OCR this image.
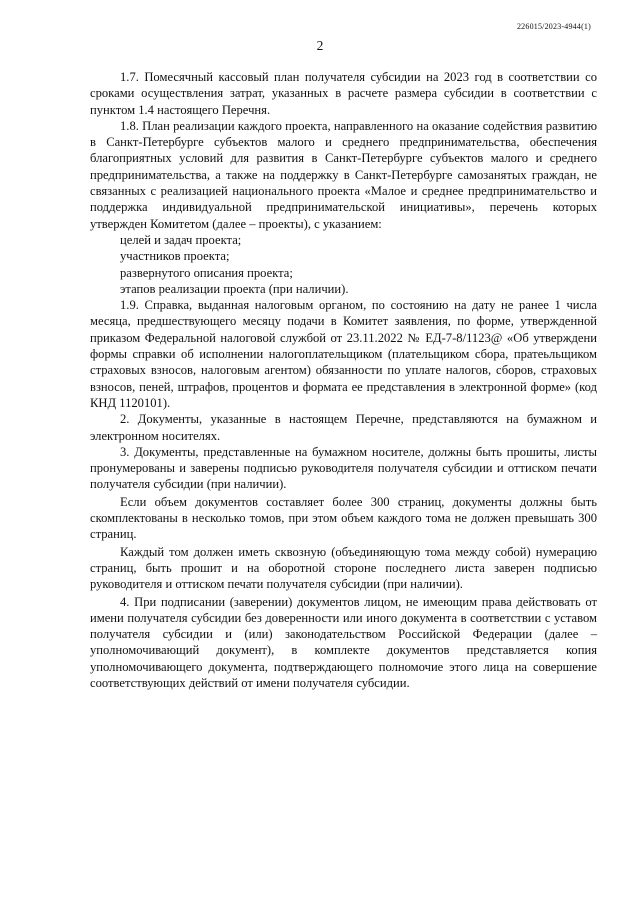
226015/2023-4944(1)
2

1.7. Помесячный кассовый план получателя субсидии на 2023 год в соответствии со сроками осуществления затрат, указанных в расчете размера субсидии в соответствии с пунктом 1.4 настоящего Перечня.

1.8. План реализации каждого проекта, направленного на оказание содействия развитию в Санкт-Петербурге субъектов малого и среднего предпринимательства, обеспечения благоприятных условий для развития в Санкт-Петербурге субъектов малого и среднего предпринимательства, а также на поддержку в Санкт-Петербурге самозанятых граждан, не связанных с реализацией национального проекта «Малое и среднее предпринимательство и поддержка индивидуальной предпринимательской инициативы», перечень которых утвержден Комитетом (далее – проекты), с указанием:

целей и задач проекта;

участников проекта;

развернутого описания проекта;

этапов реализации проекта (при наличии).

1.9. Справка, выданная налоговым органом, по состоянию на дату не ранее 1 числа месяца, предшествующего месяцу подачи в Комитет заявления, по форме, утвержденной приказом Федеральной налоговой службой от 23.11.2022 № ЕД-7-8/1123@ «Об утверждени формы справки об исполнении налогоплательщиком (плательщиком сбора, пратеьльщиком страховых взносов, налоговым агентом) обязанности по уплате налогов, сборов, страховых взносов, пеней, штрафов, процентов и формата ее представления в электронной форме» (код КНД 1120101).

2. Документы, указанные в настоящем Перечне, представляются на бумажном и электронном носителях.

3. Документы, представленные на бумажном носителе, должны быть прошиты, листы пронумерованы и заверены подписью руководителя получателя субсидии и оттиском печати получателя субсидии (при наличии).

Если объем документов составляет более 300 страниц, документы должны быть скомплектованы в несколько томов, при этом объем каждого тома не должен превышать 300 страниц.

Каждый том должен иметь сквозную (объединяющую тома между собой) нумерацию страниц, быть прошит и на оборотной стороне последнего листа заверен подписью руководителя и оттиском печати получателя субсидии (при наличии).

4. При подписании (заверении) документов лицом, не имеющим права действовать от имени получателя субсидии без доверенности или иного документа в соответствии с уставом получателя субсидии и (или) законодательством Российской Федерации (далее – уполномочивающий документ), в комплекте документов представляется копия уполномочивающего документа, подтверждающего полномочие этого лица на совершение соответствующих действий от имени получателя субсидии.
